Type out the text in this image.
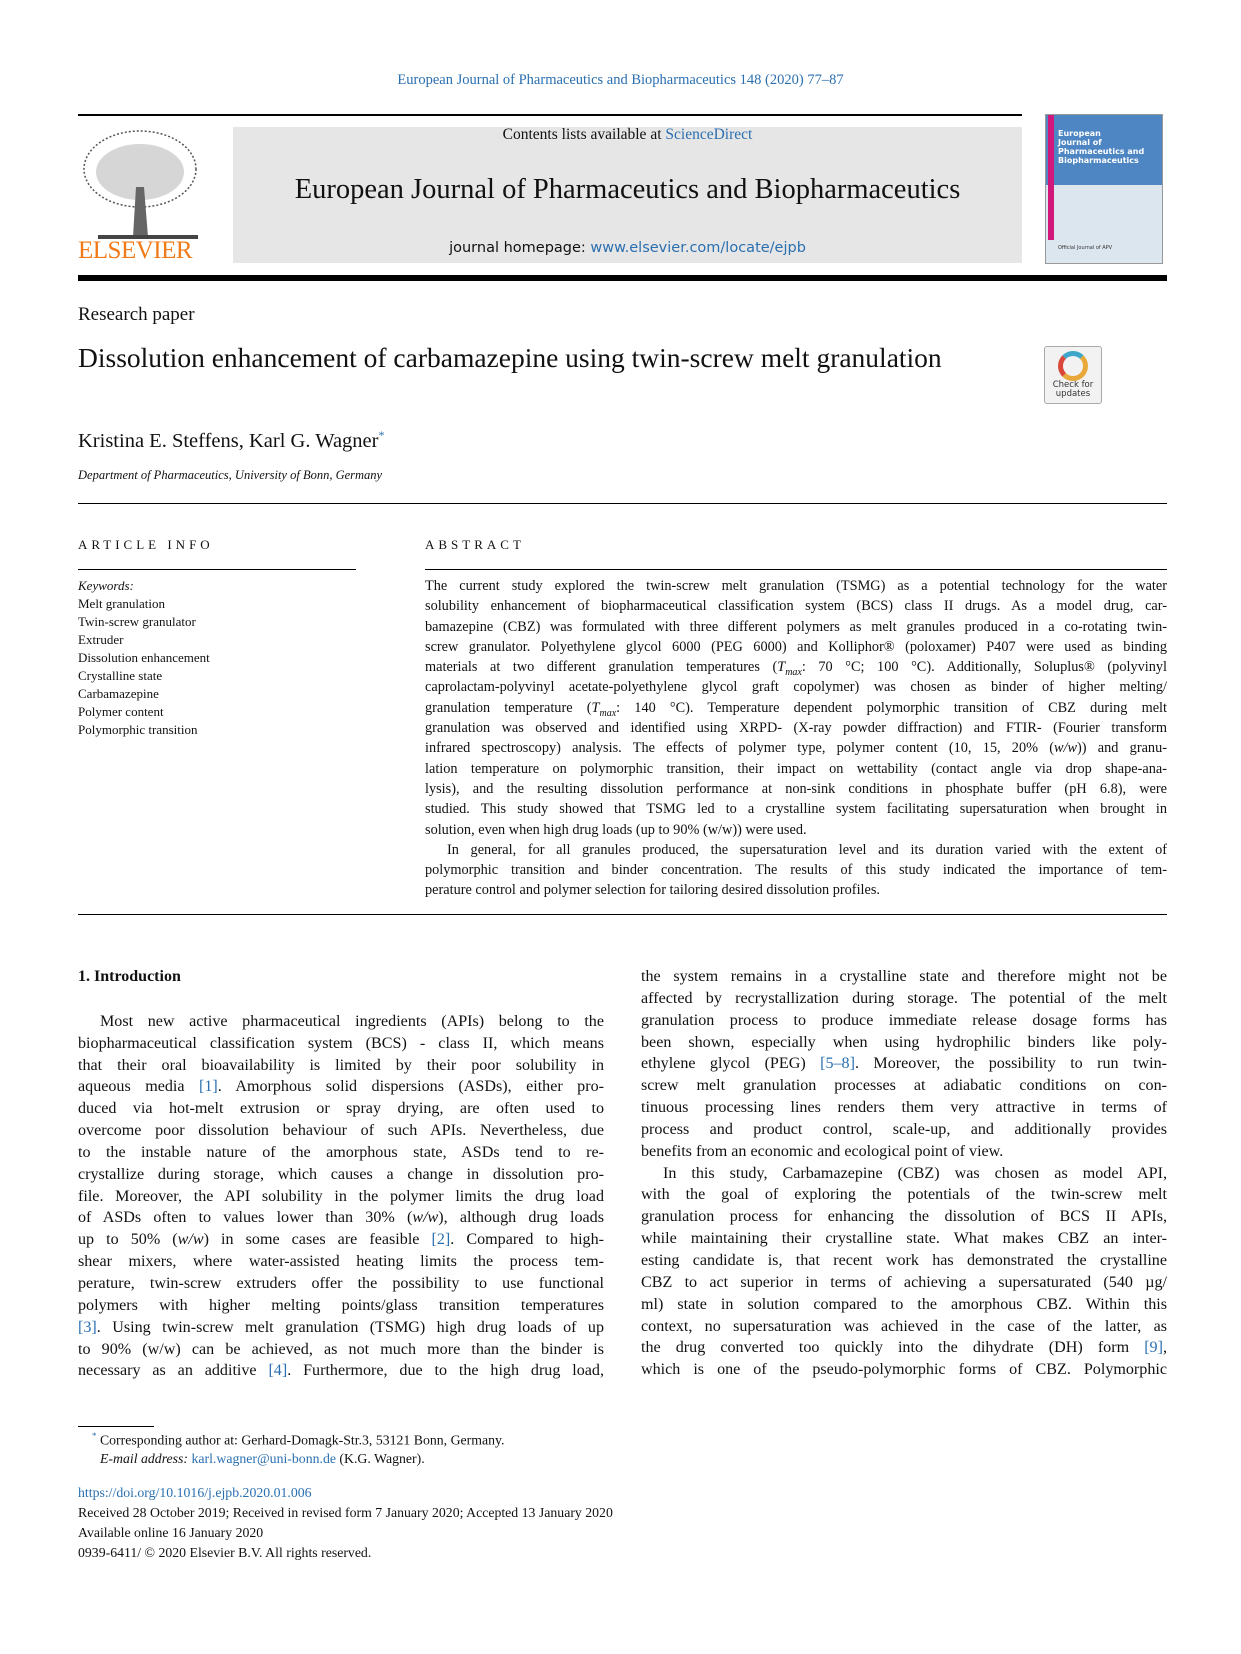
European Journal of Pharmaceutics and Biopharmaceutics 148 (2020) 77–87
ELSEVIER
Contents lists available at ScienceDirect
European Journal of Pharmaceutics and Biopharmaceutics
journal homepage: www.elsevier.com/locate/ejpb
European
Journal of
Pharmaceutics and
Biopharmaceutics
Official Journal of APV
Research paper
Dissolution enhancement of carbamazepine using twin-screw melt granulation
Check for
updates
Kristina E. Steffens, Karl G. Wagner*
Department of Pharmaceutics, University of Bonn, Germany
ARTICLE INFO	ABSTRACT
Keywords:
Melt granulation
Twin-screw granulator
Extruder
Dissolution enhancement
Crystalline state
Carbamazepine
Polymer content
Polymorphic transition
The current study explored the twin-screw melt granulation (TSMG) as a potential technology for the water
solubility enhancement of biopharmaceutical classification system (BCS) class II drugs. As a model drug, car-
bamazepine (CBZ) was formulated with three different polymers as melt granules produced in a co-rotating twin-
screw granulator. Polyethylene glycol 6000 (PEG 6000) and Kolliphor® (poloxamer) P407 were used as binding
materials at two different granulation temperatures ($T_{max}$: 70 °C; 100 °C). Additionally, Soluplus® (polyvinyl
caprolactam-polyvinyl acetate-polyethylene glycol graft copolymer) was chosen as binder of higher melting/
granulation temperature ($T_{max}$: 140 °C). Temperature dependent polymorphic transition of CBZ during melt
granulation was observed and identified using XRPD- (X-ray powder diffraction) and FTIR- (Fourier transform
infrared spectroscopy) analysis. The effects of polymer type, polymer content (10, 15, 20% (w/w)) and granu-
lation temperature on polymorphic transition, their impact on wettability (contact angle via drop shape-ana-
lysis), and the resulting dissolution performance at non-sink conditions in phosphate buffer (pH 6.8), were
studied. This study showed that TSMG led to a crystalline system facilitating supersaturation when brought in
solution, even when high drug loads (up to 90% (w/w)) were used.
In general, for all granules produced, the supersaturation level and its duration varied with the extent of
polymorphic transition and binder concentration. The results of this study indicated the importance of tem-
perature control and polymer selection for tailoring desired dissolution profiles.
1. Introduction
Most new active pharmaceutical ingredients (APIs) belong to the
biopharmaceutical classification system (BCS) - class II, which means
that their oral bioavailability is limited by their poor solubility in
aqueous media [1]. Amorphous solid dispersions (ASDs), either pro-
duced via hot-melt extrusion or spray drying, are often used to
overcome poor dissolution behaviour of such APIs. Nevertheless, due
to the instable nature of the amorphous state, ASDs tend to re-
crystallize during storage, which causes a change in dissolution pro-
file. Moreover, the API solubility in the polymer limits the drug load
of ASDs often to values lower than 30% (w/w), although drug loads
up to 50% (w/w) in some cases are feasible [2]. Compared to high-
shear mixers, where water-assisted heating limits the process tem-
perature, twin-screw extruders offer the possibility to use functional
polymers with higher melting points/glass transition temperatures
[3]. Using twin-screw melt granulation (TSMG) high drug loads of up
to 90% (w/w) can be achieved, as not much more than the binder is
necessary as an additive [4]. Furthermore, due to the high drug load,
the system remains in a crystalline state and therefore might not be
affected by recrystallization during storage. The potential of the melt
granulation process to produce immediate release dosage forms has
been shown, especially when using hydrophilic binders like poly-
ethylene glycol (PEG) [5–8]. Moreover, the possibility to run twin-
screw melt granulation processes at adiabatic conditions on con-
tinuous processing lines renders them very attractive in terms of
process and product control, scale-up, and additionally provides
benefits from an economic and ecological point of view.
In this study, Carbamazepine (CBZ) was chosen as model API,
with the goal of exploring the potentials of the twin-screw melt
granulation process for enhancing the dissolution of BCS II APIs,
while maintaining their crystalline state. What makes CBZ an inter-
esting candidate is, that recent work has demonstrated the crystalline
CBZ to act superior in terms of achieving a supersaturated (540 µg/
ml) state in solution compared to the amorphous CBZ. Within this
context, no supersaturation was achieved in the case of the latter, as
the drug converted too quickly into the dihydrate (DH) form [9],
which is one of the pseudo-polymorphic forms of CBZ. Polymorphic
* Corresponding author at: Gerhard-Domagk-Str.3, 53121 Bonn, Germany.
E-mail address: karl.wagner@uni-bonn.de (K.G. Wagner).
https://doi.org/10.1016/j.ejpb.2020.01.006
Received 28 October 2019; Received in revised form 7 January 2020; Accepted 13 January 2020
Available online 16 January 2020
0939-6411/ © 2020 Elsevier B.V. All rights reserved.
